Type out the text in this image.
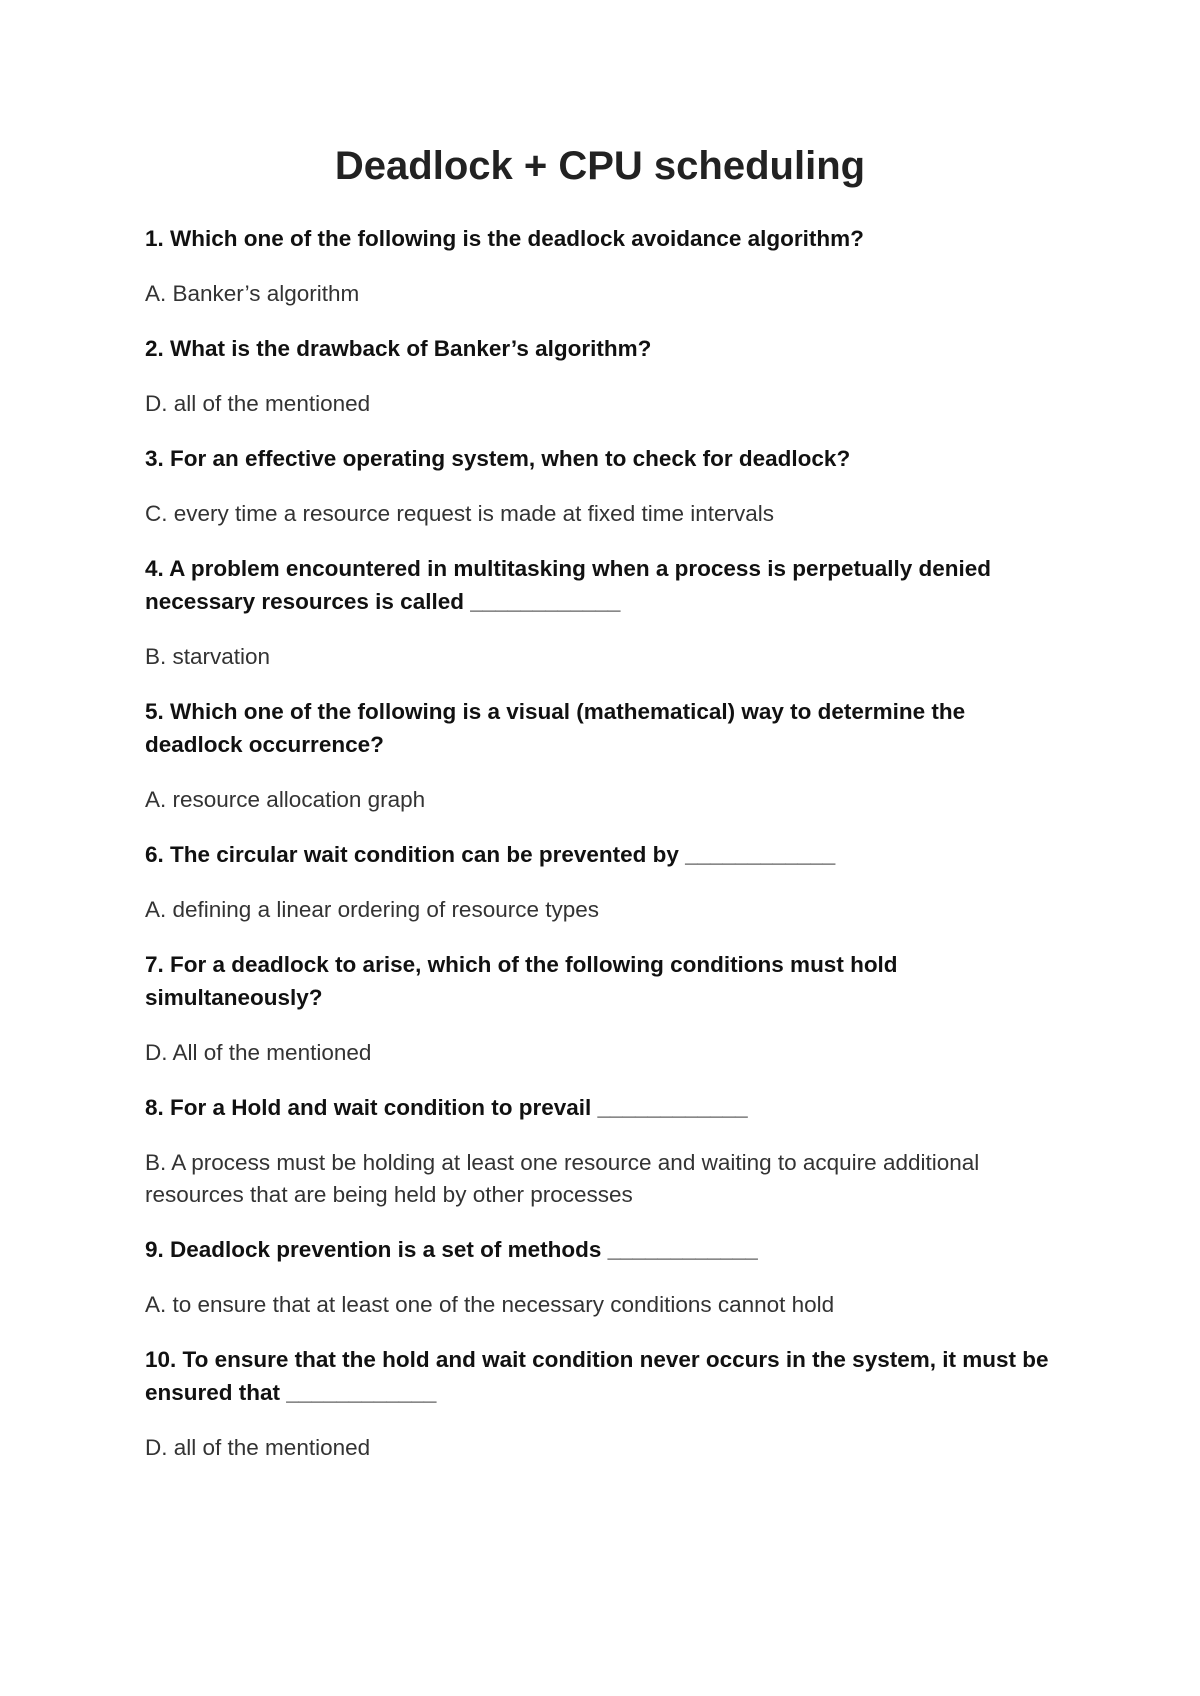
Deadlock + CPU scheduling

1. Which one of the following is the deadlock avoidance algorithm?

A. Banker’s algorithm

2. What is the drawback of Banker’s algorithm?

D. all of the mentioned

3. For an effective operating system, when to check for deadlock?

C. every time a resource request is made at fixed time intervals

4. A problem encountered in multitasking when a process is perpetually denied necessary resources is called ____________

B. starvation

5. Which one of the following is a visual (mathematical) way to determine the deadlock occurrence?

A. resource allocation graph

6. The circular wait condition can be prevented by ____________

A. defining a linear ordering of resource types

7. For a deadlock to arise, which of the following conditions must hold simultaneously?

D. All of the mentioned

8. For a Hold and wait condition to prevail ____________

B. A process must be holding at least one resource and waiting to acquire additional resources that are being held by other processes

9. Deadlock prevention is a set of methods ____________

A. to ensure that at least one of the necessary conditions cannot hold

10. To ensure that the hold and wait condition never occurs in the system, it must be ensured that ____________

D. all of the mentioned
